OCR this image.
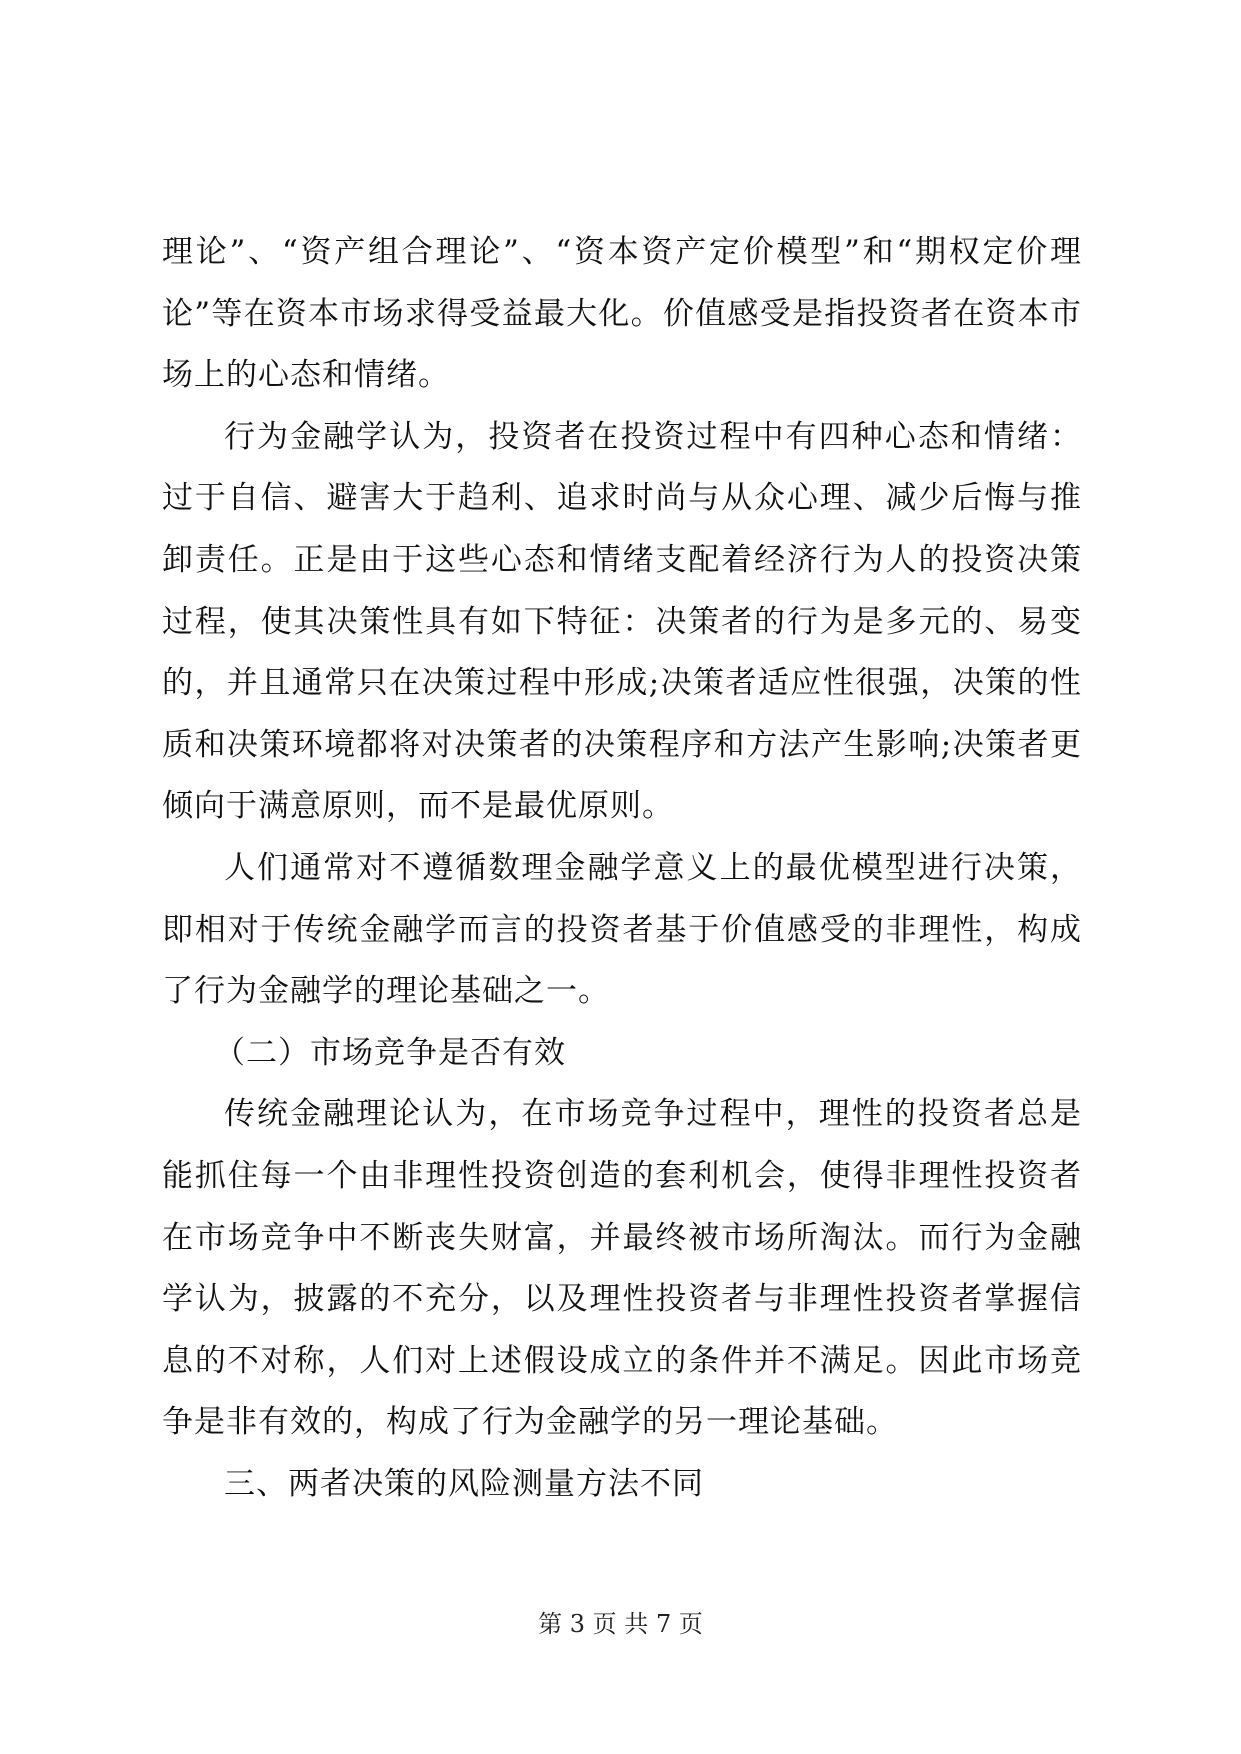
理论”、“资产组合理论”、“资本资产定价模型”和“期权定价理论”等在资本市场求得受益最大化。价值感受是指投资者在资本市场上的心态和情绪。

行为金融学认为，投资者在投资过程中有四种心态和情绪：过于自信、避害大于趋利、追求时尚与从众心理、减少后悔与推卸责任。正是由于这些心态和情绪支配着经济行为人的投资决策过程，使其决策性具有如下特征：决策者的行为是多元的、易变的，并且通常只在决策过程中形成;决策者适应性很强，决策的性质和决策环境都将对决策者的决策程序和方法产生影响;决策者更倾向于满意原则，而不是最优原则。

人们通常对不遵循数理金融学意义上的最优模型进行决策，即相对于传统金融学而言的投资者基于价值感受的非理性，构成了行为金融学的理论基础之一。

（二）市场竞争是否有效

传统金融理论认为，在市场竞争过程中，理性的投资者总是能抓住每一个由非理性投资创造的套利机会，使得非理性投资者在市场竞争中不断丧失财富，并最终被市场所淘汰。而行为金融学认为，披露的不充分，以及理性投资者与非理性投资者掌握信息的不对称，人们对上述假设成立的条件并不满足。因此市场竞争是非有效的，构成了行为金融学的另一理论基础。

三、两者决策的风险测量方法不同

第 3 页 共 7 页
